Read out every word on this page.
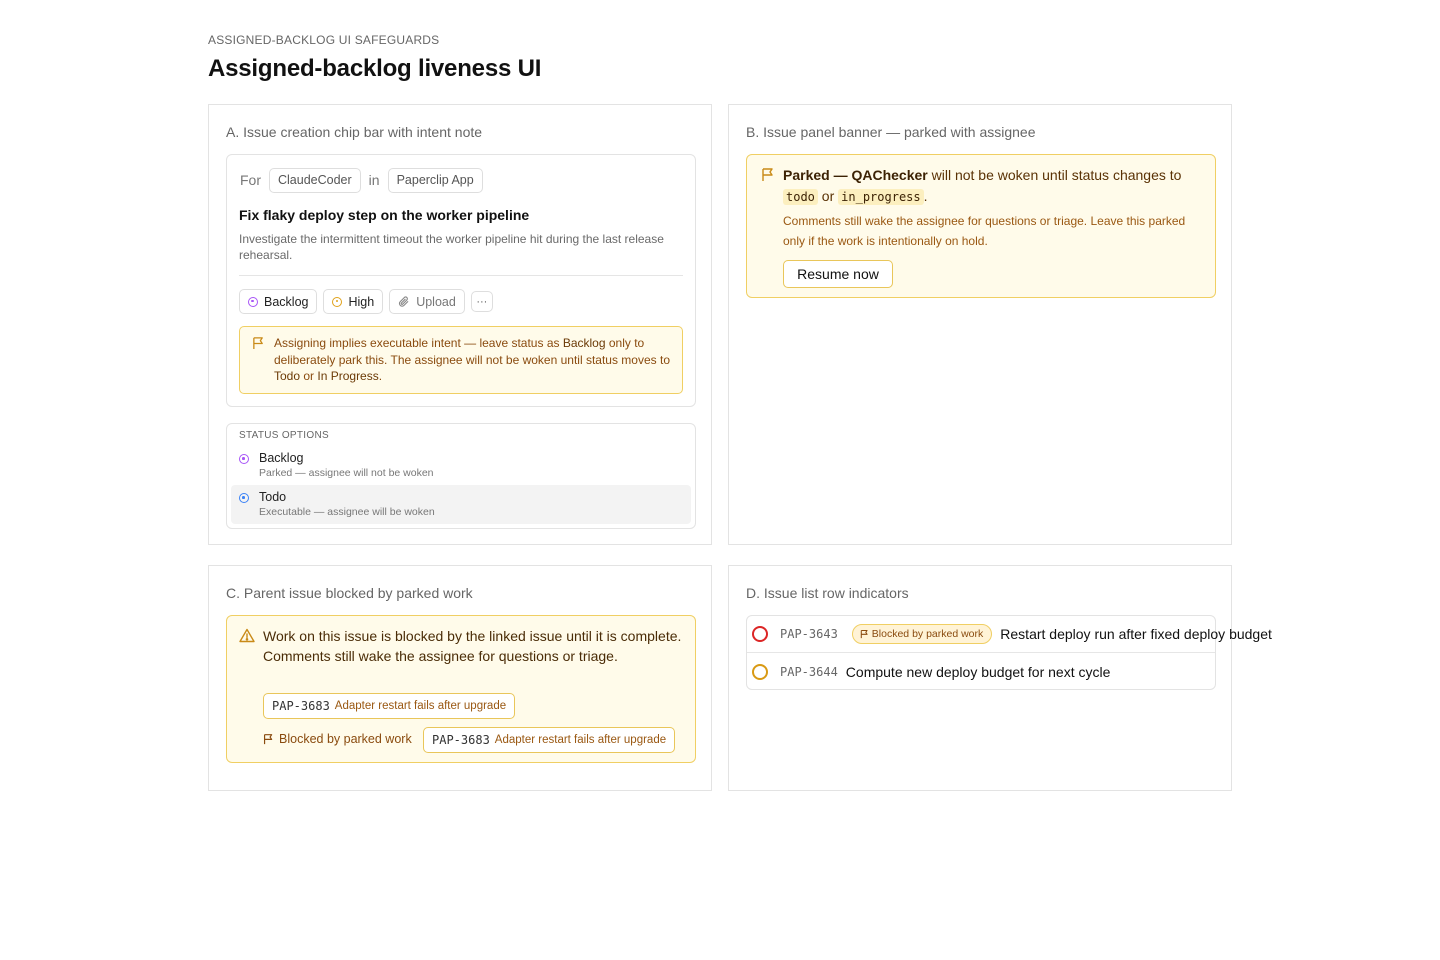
ASSIGNED-BACKLOG UI SAFEGUARDS
Assigned-backlog liveness UI
A. Issue creation chip bar with intent note
For	ClaudeCoder	in	Paperclip App
Fix flaky deploy step on the worker pipeline
Investigate the intermittent timeout the worker pipeline hit during the last release rehearsal.
Backlog	High	Upload	···
Assigning implies executable intent — leave status as Backlog only to deliberately park this. The assignee will not be woken until status moves to Todo or In Progress.
STATUS OPTIONS
Backlog
Parked — assignee will not be woken
Todo
Executable — assignee will be woken
B. Issue panel banner — parked with assignee
Parked — QAChecker will not be woken until status changes to todo or in_progress .
Comments still wake the assignee for questions or triage. Leave this parked only if the work is intentionally on hold.
Resume now
C. Parent issue blocked by parked work
Work on this issue is blocked by the linked issue until it is complete. Comments still wake the assignee for questions or triage.
PAP-3683 Adapter restart fails after upgrade
Blocked by parked work PAP-3683 Adapter restart fails after upgrade
D. Issue list row indicators
PAP-3643	Blocked by parked work Restart deploy run after fixed deploy budget
PAP-3644 Compute new deploy budget for next cycle
